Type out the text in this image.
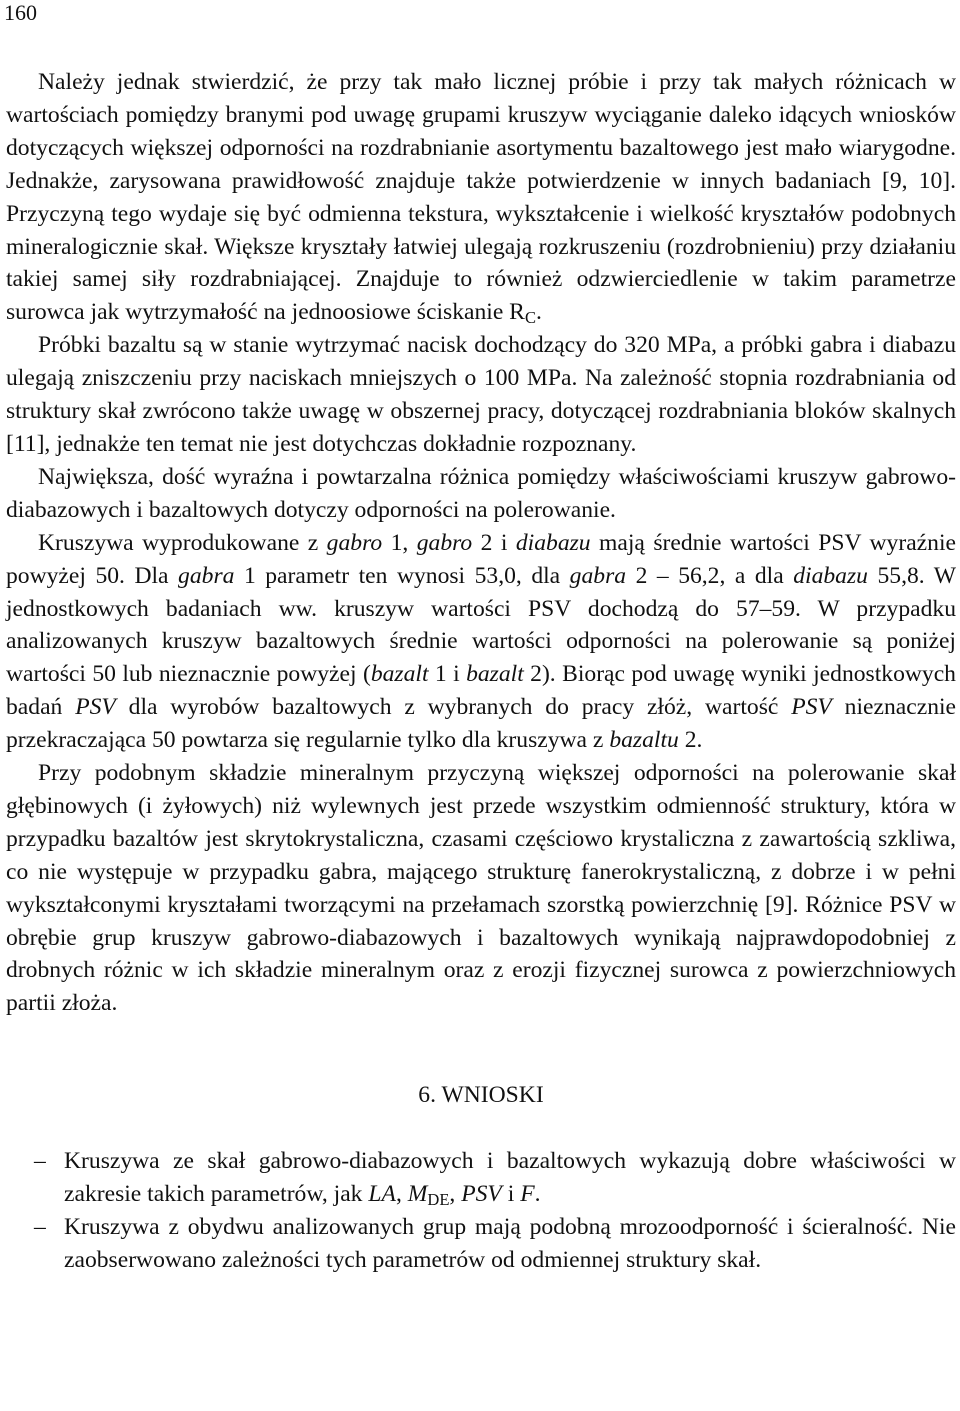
160

Należy jednak stwierdzić, że przy tak mało licznej próbie i przy tak małych różnicach w wartościach pomiędzy branymi pod uwagę grupami kruszyw wyciąganie daleko idących wniosków dotyczących większej odporności na rozdrabnianie asortymentu bazaltowego jest mało wiarygodne. Jednakże, zarysowana prawidłowość znajduje także potwierdzenie w innych badaniach [9, 10]. Przyczyną tego wydaje się być odmienna tekstura, wykształcenie i wielkość kryształów podobnych mineralogicznie skał. Większe kryształy łatwiej ulegają rozkruszeniu (rozdrobnieniu) przy działaniu takiej samej siły rozdrabniającej. Znajduje to również odzwierciedlenie w takim parametrze surowca jak wytrzymałość na jednoosiowe ściskanie $R_C$.

Próbki bazaltu są w stanie wytrzymać nacisk dochodzący do 320 MPa, a próbki gabra i diabazu ulegają zniszczeniu przy naciskach mniejszych o 100 MPa. Na zależność stopnia rozdrabniania od struktury skał zwrócono także uwagę w obszernej pracy, dotyczącej rozdrabniania bloków skalnych [11], jednakże ten temat nie jest dotychczas dokładnie rozpoznany.

Największa, dość wyraźna i powtarzalna różnica pomiędzy właściwościami kruszyw gabrowo-diabazowych i bazaltowych dotyczy odporności na polerowanie.

Kruszywa wyprodukowane z gabro 1, gabro 2 i diabazu mają średnie wartości PSV wyraźnie powyżej 50. Dla gabra 1 parametr ten wynosi 53,0, dla gabra 2 – 56,2, a dla diabazu 55,8. W jednostkowych badaniach ww. kruszyw wartości PSV dochodzą do 57–59. W przypadku analizowanych kruszyw bazaltowych średnie wartości odporności na polerowanie są poniżej wartości 50 lub nieznacznie powyżej (bazalt 1 i bazalt 2). Biorąc pod uwagę wyniki jednostkowych badań PSV dla wyrobów bazaltowych z wybranych do pracy złóż, wartość PSV nieznacznie przekraczająca 50 powtarza się regularnie tylko dla kruszywa z bazaltu 2.

Przy podobnym składzie mineralnym przyczyną większej odporności na polerowanie skał głębinowych (i żyłowych) niż wylewnych jest przede wszystkim odmienność struktury, która w przypadku bazaltów jest skrytokrystaliczna, czasami częściowo krystaliczna z zawartością szkliwa, co nie występuje w przypadku gabra, mającego strukturę fanerokrystaliczną, z dobrze i w pełni wykształconymi kryształami tworzącymi na przełamach szorstką powierzchnię [9]. Różnice PSV w obrębie grup kruszyw gabrowo-diabazowych i bazaltowych wynikają najprawdopodobniej z drobnych różnic w ich składzie mineralnym oraz z erozji fizycznej surowca z powierzchniowych partii złoża.

6. WNIOSKI
– Kruszywa ze skał gabrowo-diabazowych i bazaltowych wykazują dobre właściwości w zakresie takich parametrów, jak LA, $M_{DE}$, PSV i F.
– Kruszywa z obydwu analizowanych grup mają podobną mrozoodporność i ścieralność. Nie zaobserwowano zależności tych parametrów od odmiennej struktury skał.
